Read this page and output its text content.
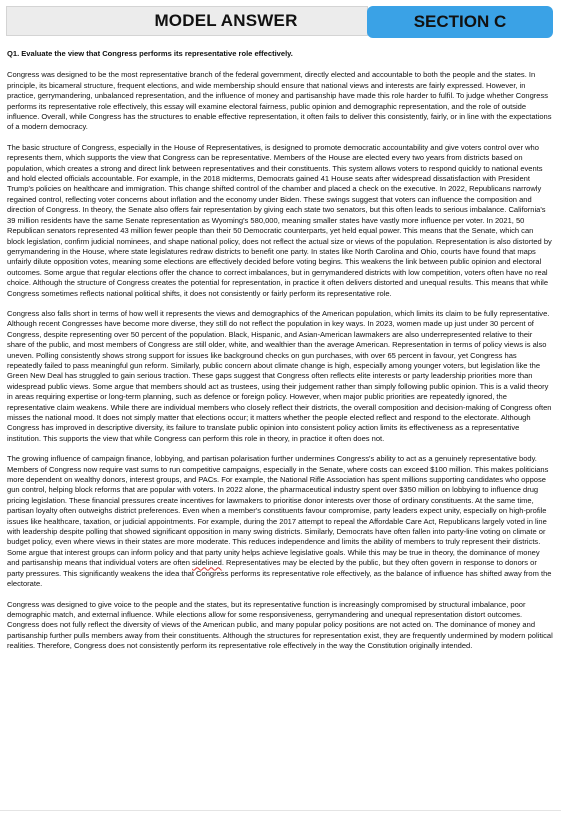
MODEL ANSWER	SECTION C

Q1. Evaluate the view that Congress performs its representative role effectively.

Congress was designed to be the most representative branch of the federal government, directly elected and accountable to both the people and the states. In principle, its bicameral structure, frequent elections, and wide membership should ensure that national views and interests are fairly expressed. However, in practice, gerrymandering, unbalanced representation, and the influence of money and partisanship have made this role harder to fulfil. To judge whether Congress performs its representative role effectively, this essay will examine electoral fairness, public opinion and demographic representation, and the role of outside influence. Overall, while Congress has the structures to enable effective representation, it often fails to deliver this consistently, fairly, or in line with the expectations of a modern democracy.

The basic structure of Congress, especially in the House of Representatives, is designed to promote democratic accountability and give voters control over who represents them, which supports the view that Congress can be representative. Members of the House are elected every two years from districts based on population, which creates a strong and direct link between representatives and their constituents. This system allows voters to respond quickly to national events and hold elected officials accountable. For example, in the 2018 midterms, Democrats gained 41 House seats after widespread dissatisfaction with President Trump's policies on healthcare and immigration. This change shifted control of the chamber and placed a check on the executive. In 2022, Republicans narrowly regained control, reflecting voter concerns about inflation and the economy under Biden. These swings suggest that voters can influence the composition and direction of Congress. In theory, the Senate also offers fair representation by giving each state two senators, but this often leads to serious imbalance. California's 39 million residents have the same Senate representation as Wyoming's 580,000, meaning smaller states have vastly more influence per voter. In 2021, 50 Republican senators represented 43 million fewer people than their 50 Democratic counterparts, yet held equal power. This means that the Senate, which can block legislation, confirm judicial nominees, and shape national policy, does not reflect the actual size or views of the population. Representation is also distorted by gerrymandering in the House, where state legislatures redraw districts to benefit one party. In states like North Carolina and Ohio, courts have found that maps unfairly dilute opposition votes, meaning some elections are effectively decided before voting begins. This weakens the link between public opinion and electoral outcomes. Some argue that regular elections offer the chance to correct imbalances, but in gerrymandered districts with low competition, voters often have no real choice. Although the structure of Congress creates the potential for representation, in practice it often delivers distorted and unequal results. This means that while Congress sometimes reflects national political shifts, it does not consistently or fairly perform its representative role.

Congress also falls short in terms of how well it represents the views and demographics of the American population, which limits its claim to be fully representative. Although recent Congresses have become more diverse, they still do not reflect the population in key ways. In 2023, women made up just under 30 percent of Congress, despite representing over 50 percent of the population. Black, Hispanic, and Asian-American lawmakers are also underrepresented relative to their share of the public, and most members of Congress are still older, white, and wealthier than the average American. Representation in terms of policy views is also uneven. Polling consistently shows strong support for issues like background checks on gun purchases, with over 65 percent in favour, yet Congress has repeatedly failed to pass meaningful gun reform. Similarly, public concern about climate change is high, especially among younger voters, but legislation like the Green New Deal has struggled to gain serious traction. These gaps suggest that Congress often reflects elite interests or party leadership priorities more than widespread public views. Some argue that members should act as trustees, using their judgement rather than simply following public opinion. This is a valid theory in areas requiring expertise or long-term planning, such as defence or foreign policy. However, when major public priorities are repeatedly ignored, the representative claim weakens. While there are individual members who closely reflect their districts, the overall composition and decision-making of Congress often misses the national mood. It does not simply matter that elections occur; it matters whether the people elected reflect and respond to the electorate. Although Congress has improved in descriptive diversity, its failure to translate public opinion into consistent policy action limits its effectiveness as a representative institution. This supports the view that while Congress can perform this role in theory, in practice it often does not.

The growing influence of campaign finance, lobbying, and partisan polarisation further undermines Congress's ability to act as a genuinely representative body. Members of Congress now require vast sums to run competitive campaigns, especially in the Senate, where costs can exceed $100 million. This makes politicians more dependent on wealthy donors, interest groups, and PACs. For example, the National Rifle Association has spent millions supporting candidates who oppose gun control, helping block reforms that are popular with voters. In 2022 alone, the pharmaceutical industry spent over $350 million on lobbying to influence drug pricing legislation. These financial pressures create incentives for lawmakers to prioritise donor interests over those of ordinary constituents. At the same time, partisan loyalty often outweighs district preferences. Even when a member's constituents favour compromise, party leaders expect unity, especially on high-profile issues like healthcare, taxation, or judicial appointments. For example, during the 2017 attempt to repeal the Affordable Care Act, Republicans largely voted in line with leadership despite polling that showed significant opposition in many swing districts. Similarly, Democrats have often fallen into party-line voting on climate or budget policy, even where views in their states are more moderate. This reduces independence and limits the ability of members to truly represent their districts. Some argue that interest groups can inform policy and that party unity helps achieve legislative goals. While this may be true in theory, the dominance of money and partisanship means that individual voters are often sidelined. Representatives may be elected by the public, but they often govern in response to donors or party pressures. This significantly weakens the idea that Congress performs its representative role effectively, as the balance of influence has shifted away from the electorate.

Congress was designed to give voice to the people and the states, but its representative function is increasingly compromised by structural imbalance, poor demographic match, and external influence. While elections allow for some responsiveness, gerrymandering and unequal representation distort outcomes. Congress does not fully reflect the diversity of views of the American public, and many popular policy positions are not acted on. The dominance of money and partisanship further pulls members away from their constituents. Although the structures for representation exist, they are frequently undermined by modern political realities. Therefore, Congress does not consistently perform its representative role effectively in the way the Constitution originally intended.
